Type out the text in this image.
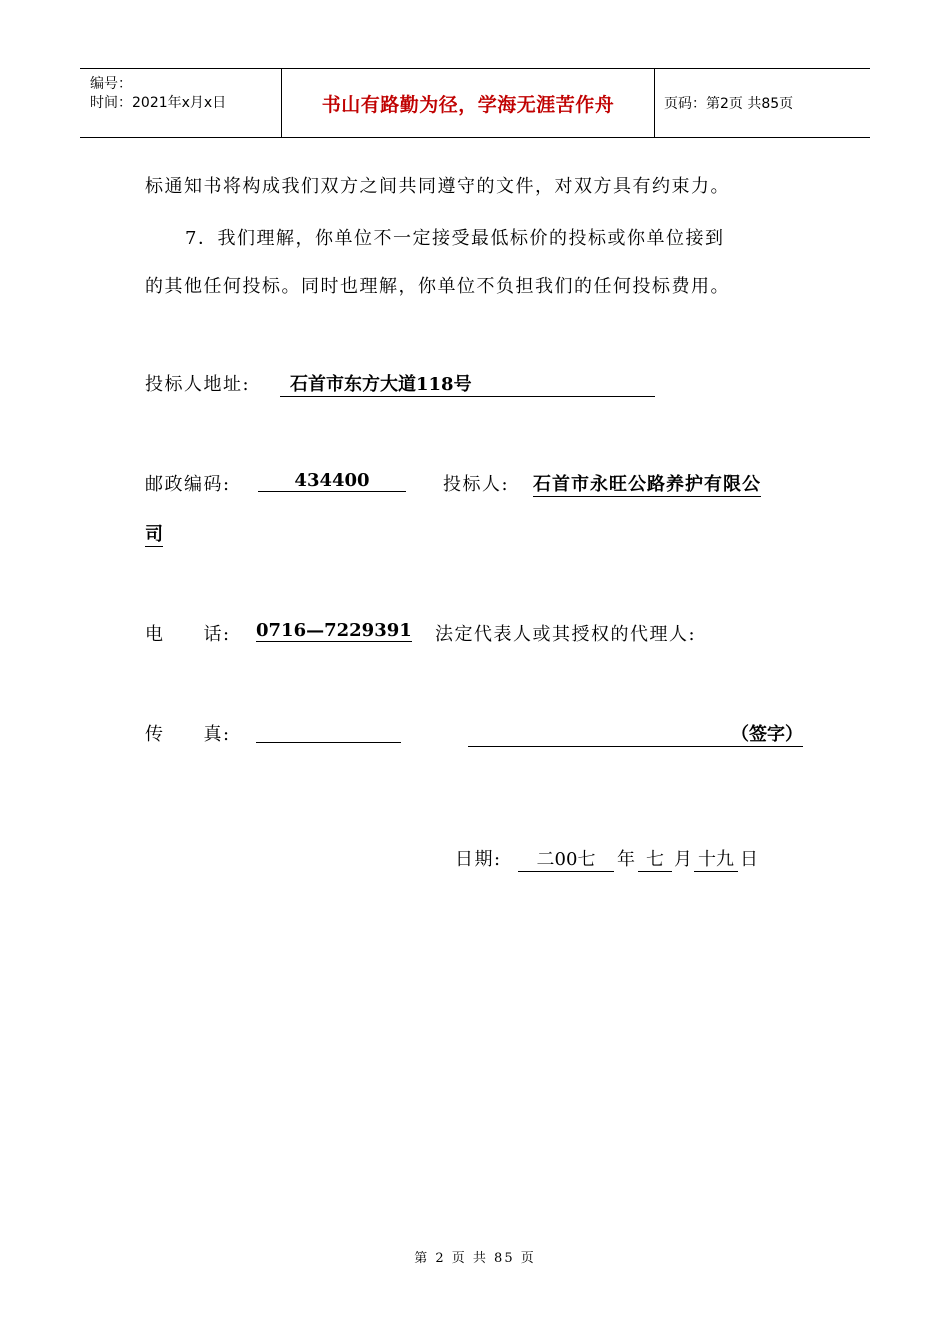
编号：
时间：2021年x月x日	书山有路勤为径，学海无涯苦作舟	页码：第2页 共85页
标通知书将构成我们双方之间共同遵守的文件，对双方具有约束力。
7．我们理解，你单位不一定接受最低标价的投标或你单位接到
的其他任何投标。同时也理解，你单位不负担我们的任何投标费用。
投标人地址:	石首市东方大道118号
邮政编码:	434400	投标人: 石首市永旺公路养护有限公
司
电　　话: 0716—7229391 法定代表人或其授权的代理人:
传　　真:	（签字）
日期:	二00七	年 七 月 十九 日
第 2 页 共 85 页
